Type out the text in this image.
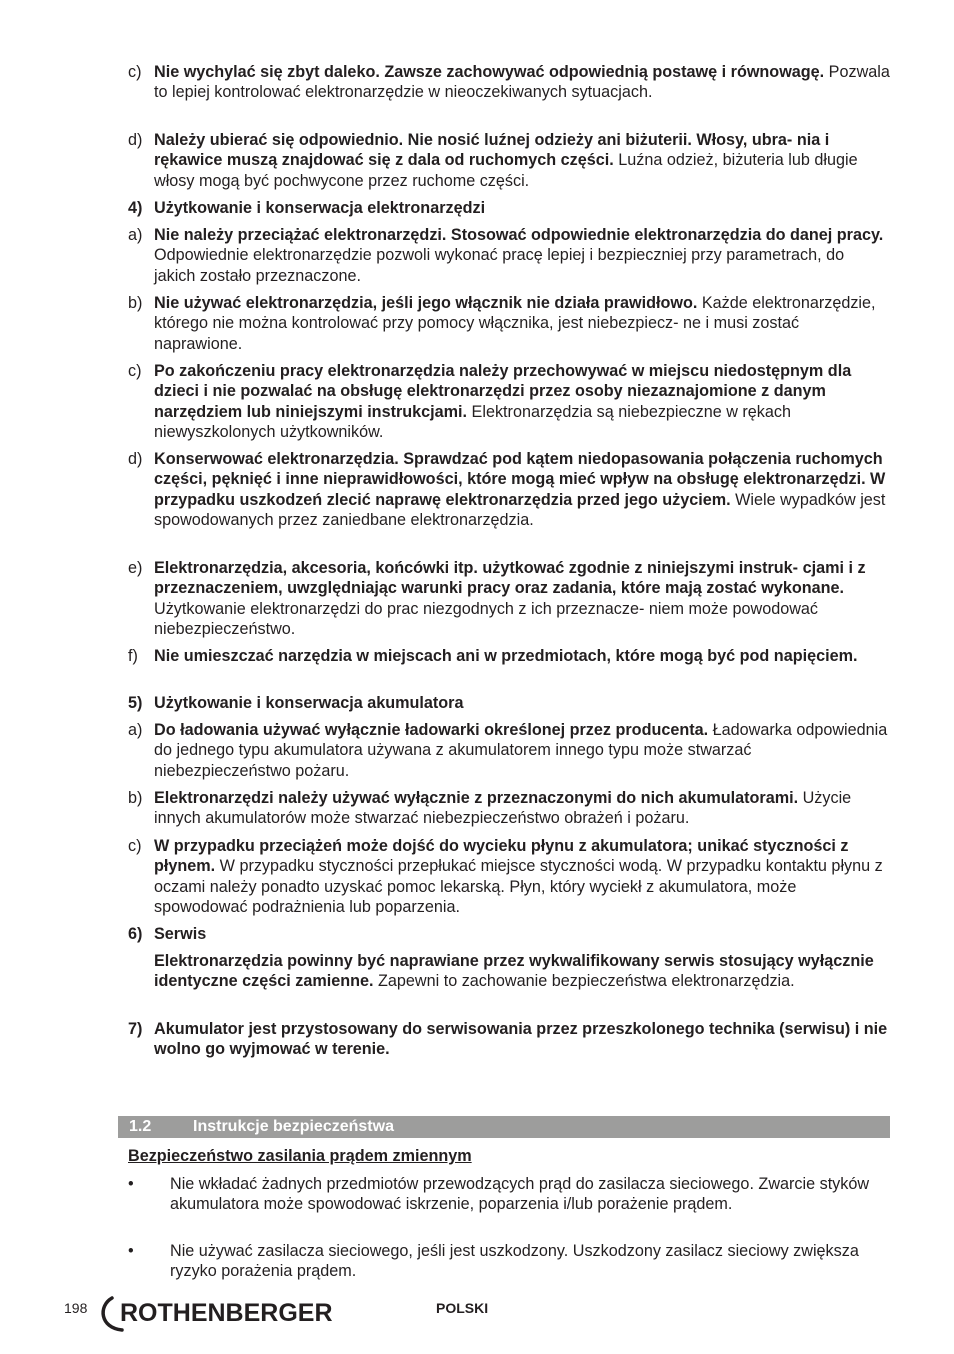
c) Nie wychylać się zbyt daleko. Zawsze zachowywać odpowiednią postawę i równowagę. Pozwala to lepiej kontrolować elektronarzędzie w nieoczekiwanych sytuacjach.
d) Należy ubierać się odpowiednio. Nie nosić luźnej odzieży ani biżuterii. Włosy, ubra- nia i rękawice muszą znajdować się z dala od ruchomych części. Luźna odzież, biżuteria lub długie włosy mogą być pochwycone przez ruchome części.
4) Użytkowanie i konserwacja elektronarzędzi
a) Nie należy przeciążać elektronarzędzi. Stosować odpowiednie elektronarzędzia do danej pracy. Odpowiednie elektronarzędzie pozwoli wykonać pracę lepiej i bezpieczniej przy parametrach, do jakich zostało przeznaczone.
b) Nie używać elektronarzędzia, jeśli jego włącznik nie działa prawidłowo. Każde elektronarzędzie, którego nie można kontrolować przy pomocy włącznika, jest niebezpiecz- ne i musi zostać naprawione.
c) Po zakończeniu pracy elektronarzędzia należy przechowywać w miejscu niedostępnym dla dzieci i nie pozwalać na obsługę elektronarzędzi przez osoby niezaznajomione z danym narzędziem lub niniejszymi instrukcjami. Elektronarzędzia są niebezpieczne w rękach niewyszkolonych użytkowników.
d) Konserwować elektronarzędzia. Sprawdzać pod kątem niedopasowania połączenia ruchomych części, pęknięć i inne nieprawidłowości, które mogą mieć wpływ na obsługę elektronarzędzi. W przypadku uszkodzeń zlecić naprawę elektronarzędzia przed jego użyciem. Wiele wypadków jest spowodowanych przez zaniedbane elektronarzędzia.
e) Elektronarzędzia, akcesoria, końcówki itp. użytkować zgodnie z niniejszymi instruk- cjami i z przeznaczeniem, uwzględniając warunki pracy oraz zadania, które mają zostać wykonane. Użytkowanie elektronarzędzi do prac niezgodnych z ich przeznacze- niem może powodować niebezpieczeństwo.
f) Nie umieszczać narzędzia w miejscach ani w przedmiotach, które mogą być pod napięciem.
5) Użytkowanie i konserwacja akumulatora
a) Do ładowania używać wyłącznie ładowarki określonej przez producenta. Ładowarka odpowiednia do jednego typu akumulatora używana z akumulatorem innego typu może stwarzać niebezpieczeństwo pożaru.
b) Elektronarzędzi należy używać wyłącznie z przeznaczonymi do nich akumulatorami. Użycie innych akumulatorów może stwarzać niebezpieczeństwo obrażeń i pożaru.
c) W przypadku przeciążeń może dojść do wycieku płynu z akumulatora; unikać styczności z płynem. W przypadku styczności przepłukać miejsce styczności wodą. W przypadku kontaktu płynu z oczami należy ponadto uzyskać pomoc lekarską. Płyn, który wyciekł z akumulatora, może spowodować podrażnienia lub poparzenia.
6) Serwis
Elektronarzędzia powinny być naprawiane przez wykwalifikowany serwis stosujący wyłącznie identyczne części zamienne. Zapewni to zachowanie bezpieczeństwa elektronarzędzia.
7) Akumulator jest przystosowany do serwisowania przez przeszkolonego technika (serwisu) i nie wolno go wyjmować w terenie.
1.2	Instrukcje bezpieczeństwa
Bezpieczeństwo zasilania prądem zmiennym
• Nie wkładać żadnych przedmiotów przewodzących prąd do zasilacza sieciowego. Zwarcie styków akumulatora może spowodować iskrzenie, poparzenia i/lub porażenie prądem.
• Nie używać zasilacza sieciowego, jeśli jest uszkodzony. Uszkodzony zasilacz sieciowy zwiększa ryzyko porażenia prądem.
198 ROTHENBERGER	POLSKI
